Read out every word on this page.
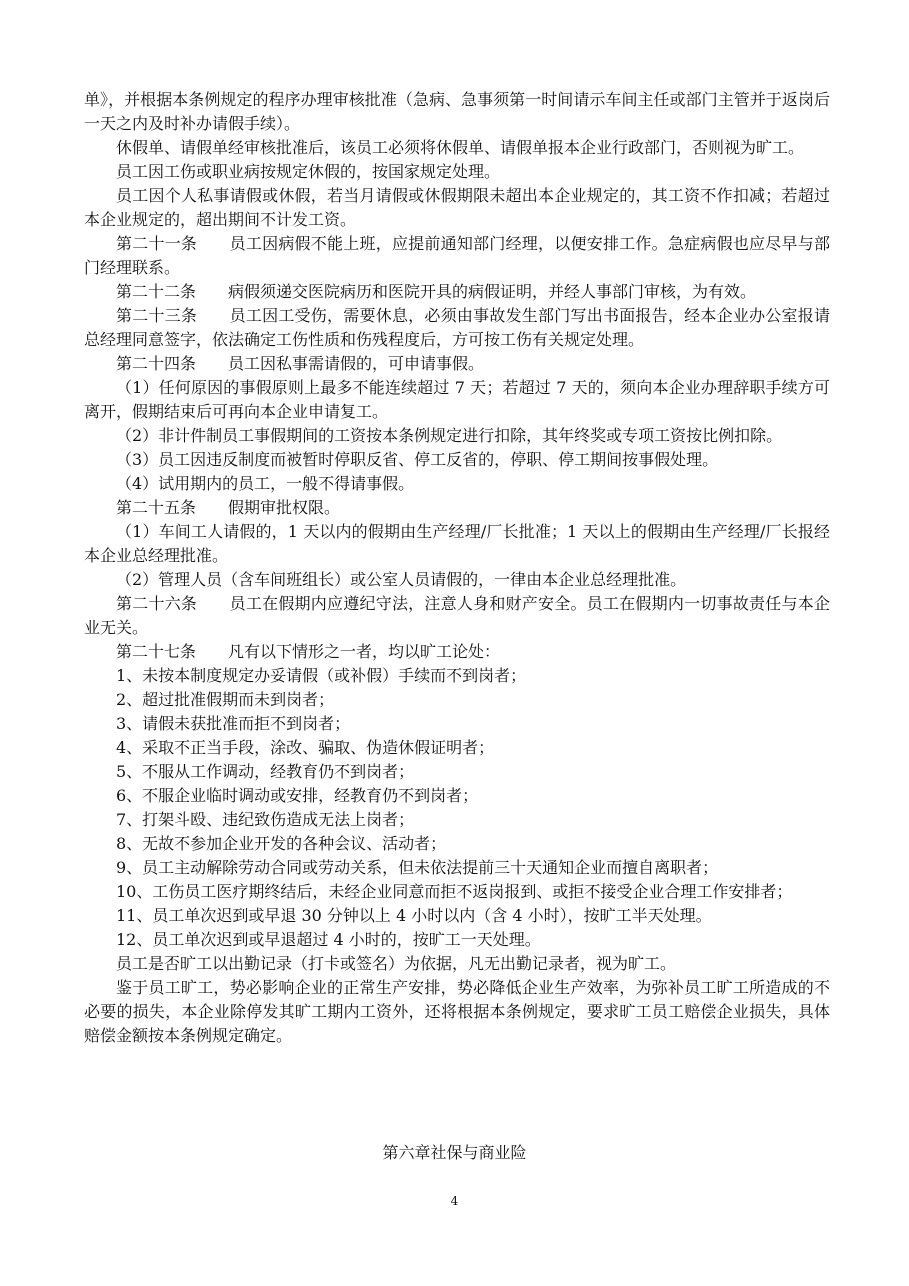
单》，并根据本条例规定的程序办理审核批准（急病、急事须第一时间请示车间主任或部门主管并于返岗后一天之内及时补办请假手续）。

休假单、请假单经审核批准后，该员工必须将休假单、请假单报本企业行政部门，否则视为旷工。

员工因工伤或职业病按规定休假的，按国家规定处理。

员工因个人私事请假或休假，若当月请假或休假期限未超出本企业规定的，其工资不作扣减；若超过本企业规定的，超出期间不计发工资。

第二十一条　　员工因病假不能上班，应提前通知部门经理，以便安排工作。急症病假也应尽早与部门经理联系。

第二十二条　　病假须递交医院病历和医院开具的病假证明，并经人事部门审核，为有效。

第二十三条　　员工因工受伤，需要休息，必须由事故发生部门写出书面报告，经本企业办公室报请总经理同意签字，依法确定工伤性质和伤残程度后，方可按工伤有关规定处理。

第二十四条　　员工因私事需请假的，可申请事假。

（1）任何原因的事假原则上最多不能连续超过 7 天；若超过 7 天的，须向本企业办理辞职手续方可离开，假期结束后可再向本企业申请复工。

（2）非计件制员工事假期间的工资按本条例规定进行扣除，其年终奖或专项工资按比例扣除。

（3）员工因违反制度而被暂时停职反省、停工反省的，停职、停工期间按事假处理。

（4）试用期内的员工，一般不得请事假。

第二十五条　　假期审批权限。

（1）车间工人请假的，1 天以内的假期由生产经理/厂长批准；1 天以上的假期由生产经理/厂长报经本企业总经理批准。

（2）管理人员（含车间班组长）或公室人员请假的，一律由本企业总经理批准。

第二十六条　　员工在假期内应遵纪守法，注意人身和财产安全。员工在假期内一切事故责任与本企业无关。

第二十七条　　凡有以下情形之一者，均以旷工论处：

1、未按本制度规定办妥请假（或补假）手续而不到岗者；

2、超过批准假期而未到岗者；

3、请假未获批准而拒不到岗者；

4、采取不正当手段，涂改、骗取、伪造休假证明者；

5、不服从工作调动，经教育仍不到岗者；

6、不服企业临时调动或安排，经教育仍不到岗者；

7、打架斗殴、违纪致伤造成无法上岗者；

8、无故不参加企业开发的各种会议、活动者；

9、员工主动解除劳动合同或劳动关系，但未依法提前三十天通知企业而擅自离职者；

10、工伤员工医疗期终结后，未经企业同意而拒不返岗报到、或拒不接受企业合理工作安排者；

11、员工单次迟到或早退 30 分钟以上 4 小时以内（含 4 小时），按旷工半天处理。

12、员工单次迟到或早退超过 4 小时的，按旷工一天处理。

员工是否旷工以出勤记录（打卡或签名）为依据，凡无出勤记录者，视为旷工。

鉴于员工旷工，势必影响企业的正常生产安排，势必降低企业生产效率，为弥补员工旷工所造成的不必要的损失，本企业除停发其旷工期内工资外，还将根据本条例规定，要求旷工员工赔偿企业损失，具体赔偿金额按本条例规定确定。

第六章社保与商业险
4
